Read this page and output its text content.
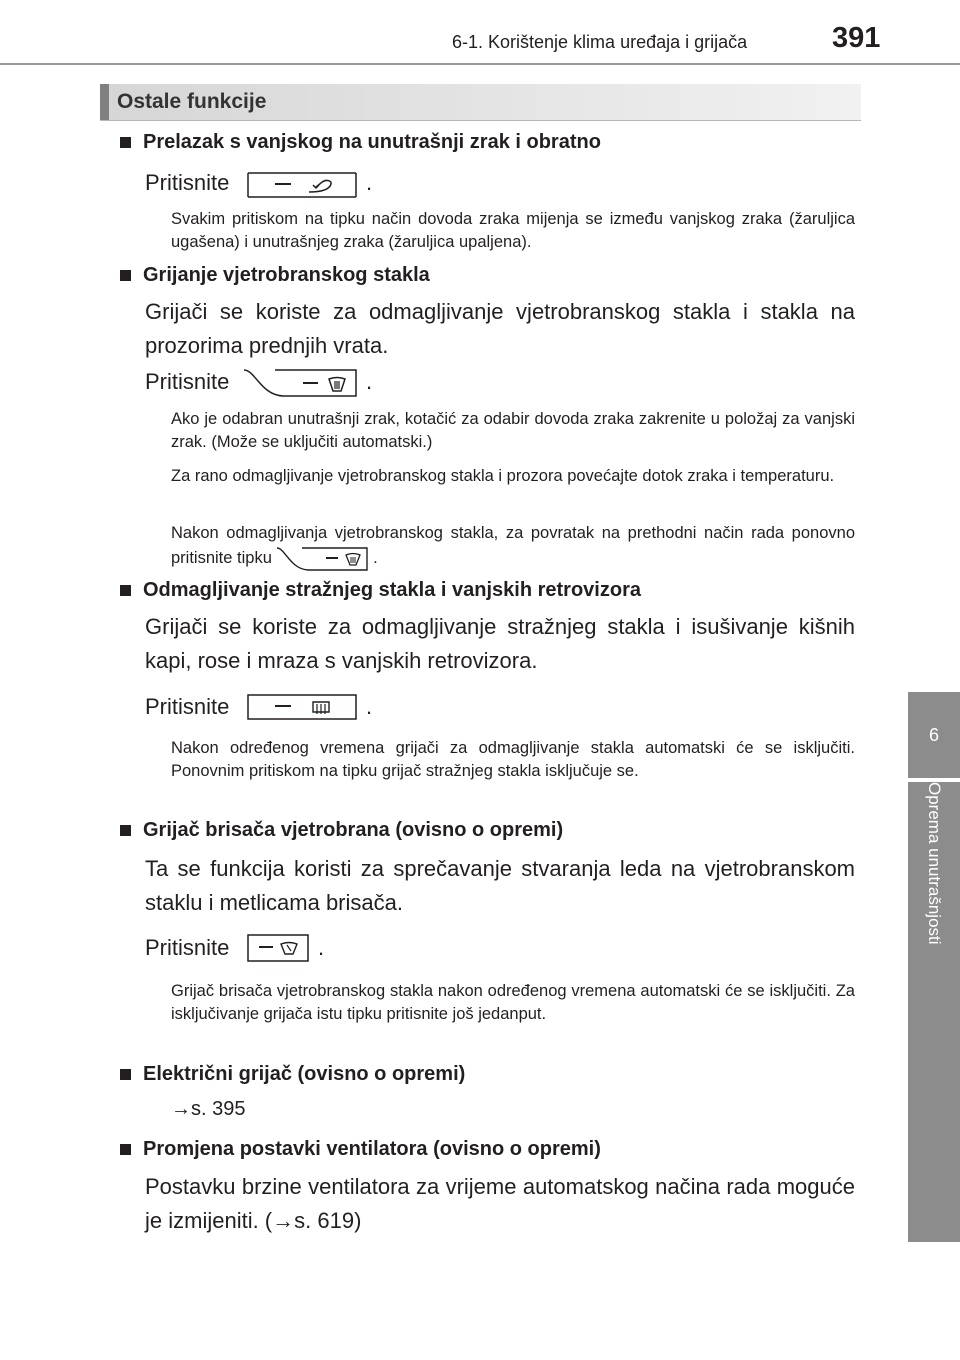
6-1. Korištenje klima uređaja i grijača	391
6
Oprema unutrašnjosti
Ostale funkcije
Prelazak s vanjskog na unutrašnji zrak i obratno
Pritisnite	.
Svakim pritiskom na tipku način dovoda zraka mijenja se između vanjskog zraka (žaruljica ugašena) i unutrašnjeg zraka (žaruljica upaljena).
Grijanje vjetrobranskog stakla
Grijači se koriste za odmagljivanje vjetrobranskog stakla i stakla na prozorima prednjih vrata.
Pritisnite	.
Ako je odabran unutrašnji zrak, kotačić za odabir dovoda zraka zakrenite u položaj za vanjski zrak. (Može se uključiti automatski.)
Za rano odmagljivanje vjetrobranskog stakla i prozora povećajte dotok zraka i temperaturu.
Nakon odmagljivanja vjetrobranskog stakla, za povratak na prethodni način rada ponovno pritisnite tipku	.
Odmagljivanje stražnjeg stakla i vanjskih retrovizora
Grijači se koriste za odmagljivanje stražnjeg stakla i isušivanje kišnih kapi, rose i mraza s vanjskih retrovizora.
Pritisnite	.
Nakon određenog vremena grijači za odmagljivanje stakla automatski će se isključiti. Ponovnim pritiskom na tipku grijač stražnjeg stakla isključuje se.
Grijač brisača vjetrobrana (ovisno o opremi)
Ta se funkcija koristi za sprečavanje stvaranja leda na vjetrobranskom staklu i metlicama brisača.
Pritisnite	.
Grijač brisača vjetrobranskog stakla nakon određenog vremena automatski će se isključiti. Za isključivanje grijača istu tipku pritisnite još jedanput.
Električni grijač (ovisno o opremi)
→s. 395
Promjena postavki ventilatora (ovisno o opremi)
Postavku brzine ventilatora za vrijeme automatskog načina rada moguće je izmijeniti. (→s. 619)
